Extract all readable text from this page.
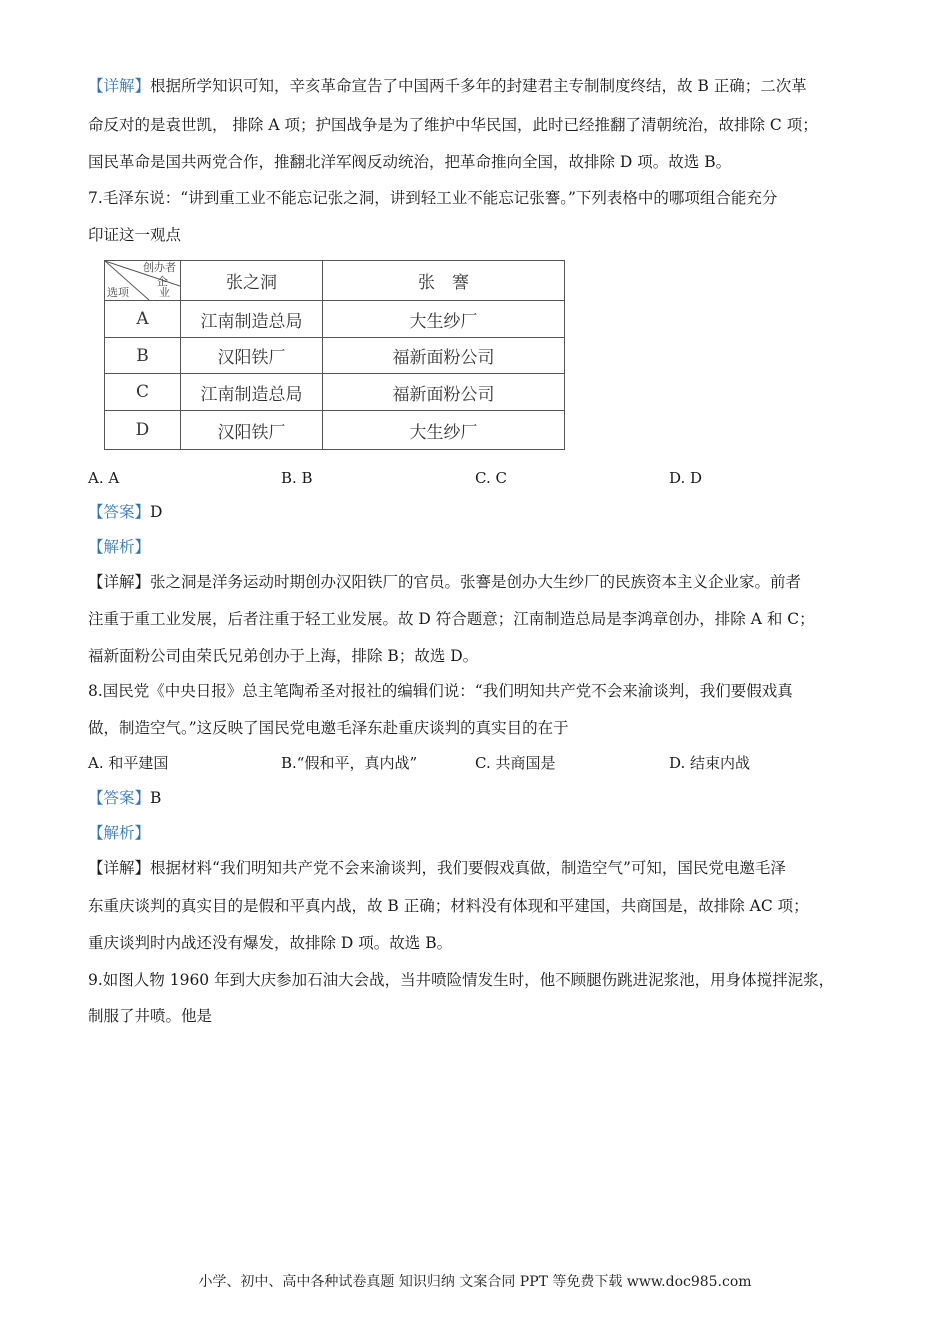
【详解】根据所学知识可知，辛亥革命宣告了中国两千多年的封建君主专制制度终结，故 B 正确；二次革
命反对的是袁世凯， 排除 A 项；护国战争是为了维护中华民国，此时已经推翻了清朝统治，故排除 C 项；
国民革命是国共两党合作，推翻北洋军阀反动统治，把革命推向全国，故排除 D 项。故选 B。
7.毛泽东说：“讲到重工业不能忘记张之洞，讲到轻工业不能忘记张謇。”下列表格中的哪项组合能充分
印证这一观点
创办者
企
业
选项	张之洞	张　謇
A	江南制造总局	大生纱厂
B	汉阳铁厂	福新面粉公司
C	江南制造总局	福新面粉公司
D	汉阳铁厂	大生纱厂
A. A	B. B	C. C	D. D
【答案】D
【解析】
【详解】张之洞是洋务运动时期创办汉阳铁厂的官员。张謇是创办大生纱厂的民族资本主义企业家。前者
注重于重工业发展，后者注重于轻工业发展。故 D 符合题意；江南制造总局是李鸿章创办，排除 A 和 C；
福新面粉公司由荣氏兄弟创办于上海，排除 B；故选 D。
8.国民党《中央日报》总主笔陶希圣对报社的编辑们说：“我们明知共产党不会来渝谈判，我们要假戏真
做，制造空气。”这反映了国民党电邀毛泽东赴重庆谈判的真实目的在于
A. 和平建国	B.“假和平，真内战”	C. 共商国是	D. 结束内战
【答案】B
【解析】
【详解】根据材料“我们明知共产党不会来渝谈判，我们要假戏真做，制造空气”可知，国民党电邀毛泽
东重庆谈判的真实目的是假和平真内战，故 B 正确；材料没有体现和平建国，共商国是，故排除 AC 项；
重庆谈判时内战还没有爆发，故排除 D 项。故选 B。
9.如图人物 1960 年到大庆参加石油大会战，当井喷险情发生时，他不顾腿伤跳进泥浆池，用身体搅拌泥浆，
制服了井喷。他是
小学、初中、高中各种试卷真题 知识归纳 文案合同 PPT 等免费下载 www.doc985.com
